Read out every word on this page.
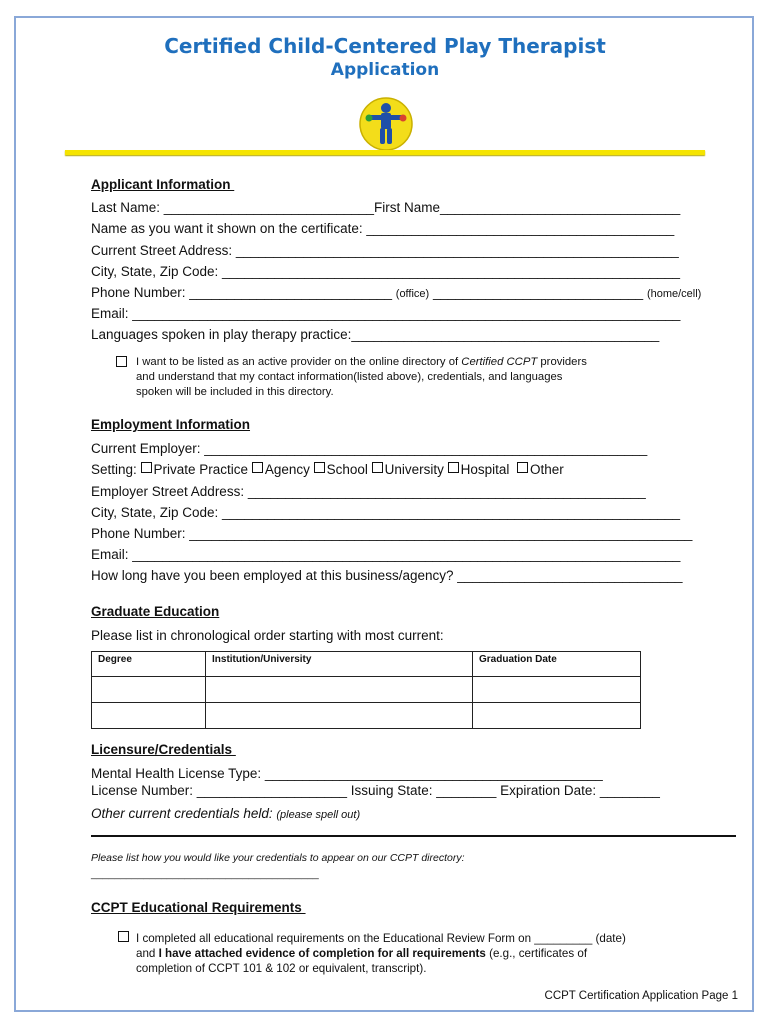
Certified Child-Centered Play Therapist
Application
Applicant Information
Last Name: ____________________________First Name________________________________
Name as you want it shown on the certificate: _________________________________________
Current Street Address: ___________________________________________________________
City, State, Zip Code: _____________________________________________________________
Phone Number: ___________________________ (office) ____________________________ (home/cell)
Email: _________________________________________________________________________
Languages spoken in play therapy practice:_________________________________________
I want to be listed as an active provider on the online directory of Certified CCPT providers
and understand that my contact information(listed above), credentials, and languages
spoken will be included in this directory.
Employment Information
Current Employer: ___________________________________________________________
Setting: Private Practice Agency School University Hospital  Other
Employer Street Address: _____________________________________________________
City, State, Zip Code: _____________________________________________________________
Phone Number: ___________________________________________________________________
Email: _________________________________________________________________________
How long have you been employed at this business/agency? ______________________________
Graduate Education
Please list in chronological order starting with most current:
Degree	Institution/University	Graduation Date

Licensure/Credentials
Mental Health License Type: _____________________________________________
License Number: ____________________ Issuing State: ________ Expiration Date: ________
Other current credentials held: (please spell out)
Please list how you would like your credentials to appear on our CCPT directory:
_______________________________________
CCPT Educational Requirements
I completed all educational requirements on the Educational Review Form on _________ (date)
and I have attached evidence of completion for all requirements (e.g., certificates of
completion of CCPT 101 & 102 or equivalent, transcript).
CCPT Certification Application Page 1
